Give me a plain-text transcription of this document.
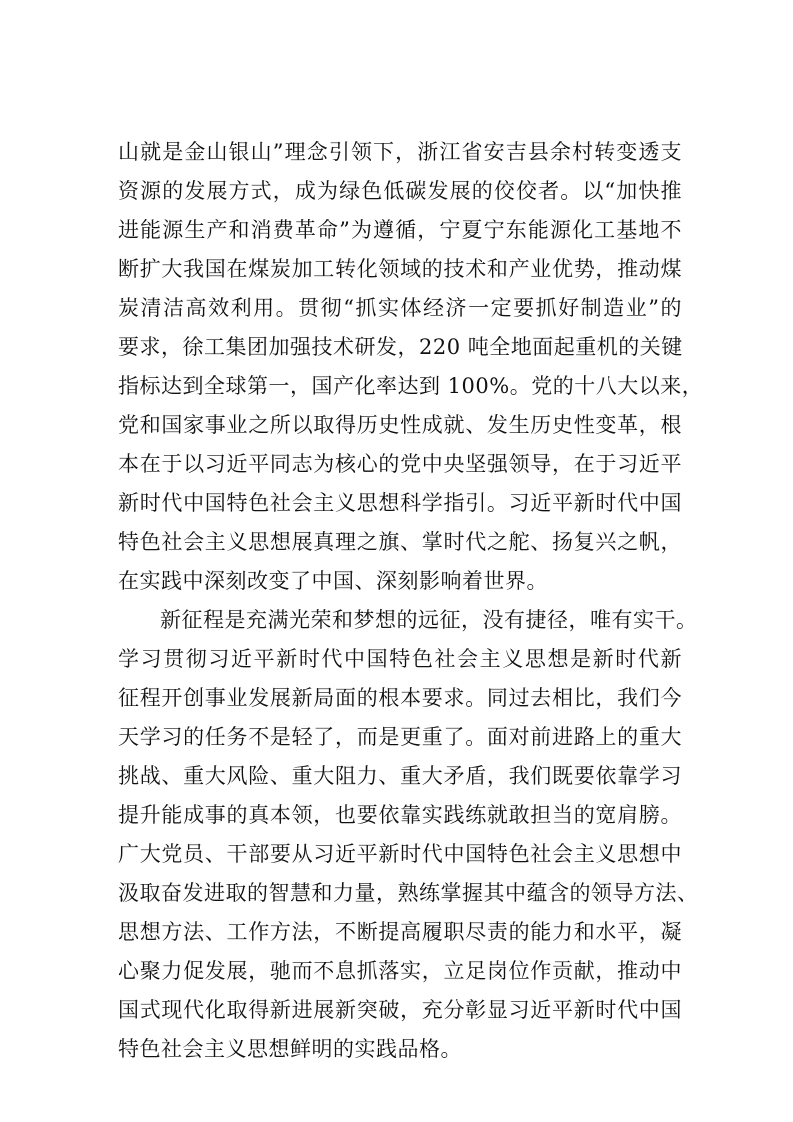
山就是金山银山”理念引领下，浙江省安吉县余村转变透支
资源的发展方式，成为绿色低碳发展的佼佼者。以“加快推
进能源生产和消费革命”为遵循，宁夏宁东能源化工基地不
断扩大我国在煤炭加工转化领域的技术和产业优势，推动煤
炭清洁高效利用。贯彻“抓实体经济一定要抓好制造业”的
要求，徐工集团加强技术研发，220 吨全地面起重机的关键
指标达到全球第一，国产化率达到 100%。党的十八大以来，
党和国家事业之所以取得历史性成就、发生历史性变革，根
本在于以习近平同志为核心的党中央坚强领导，在于习近平
新时代中国特色社会主义思想科学指引。习近平新时代中国
特色社会主义思想展真理之旗、掌时代之舵、扬复兴之帆，
在实践中深刻改变了中国、深刻影响着世界。
新征程是充满光荣和梦想的远征，没有捷径，唯有实干。
学习贯彻习近平新时代中国特色社会主义思想是新时代新
征程开创事业发展新局面的根本要求。同过去相比，我们今
天学习的任务不是轻了，而是更重了。面对前进路上的重大
挑战、重大风险、重大阻力、重大矛盾，我们既要依靠学习
提升能成事的真本领，也要依靠实践练就敢担当的宽肩膀。
广大党员、干部要从习近平新时代中国特色社会主义思想中
汲取奋发进取的智慧和力量，熟练掌握其中蕴含的领导方法、
思想方法、工作方法，不断提高履职尽责的能力和水平，凝
心聚力促发展，驰而不息抓落实，立足岗位作贡献，推动中
国式现代化取得新进展新突破，充分彰显习近平新时代中国
特色社会主义思想鲜明的实践品格。
